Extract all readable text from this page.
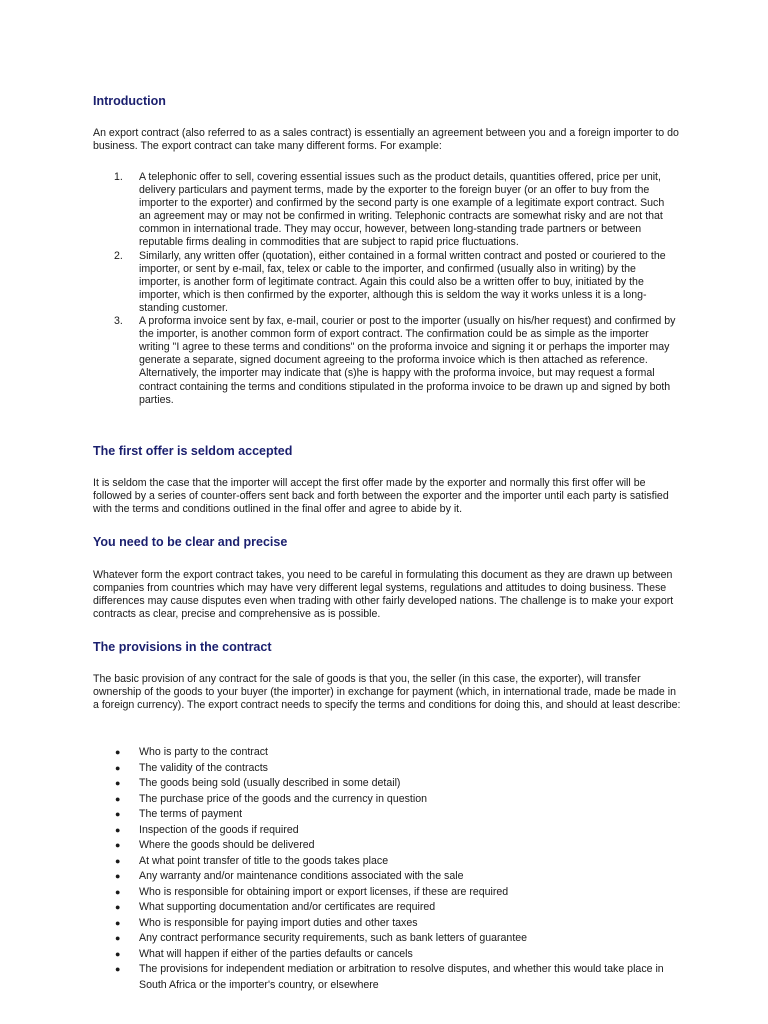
Introduction

An export contract (also referred to as a sales contract) is essentially an agreement between you and a foreign importer to do business. The export contract can take many different forms. For example:

1. A telephonic offer to sell, covering essential issues such as the product details, quantities offered, price per unit, delivery particulars and payment terms, made by the exporter to the foreign buyer (or an offer to buy from the importer to the exporter) and confirmed by the second party is one example of a legitimate export contract. Such an agreement may or may not be confirmed in writing. Telephonic contracts are somewhat risky and are not that common in international trade. They may occur, however, between long-standing trade partners or between reputable firms dealing in commodities that are subject to rapid price fluctuations.
2. Similarly, any written offer (quotation), either contained in a formal written contract and posted or couriered to the importer, or sent by e-mail, fax, telex or cable to the importer, and confirmed (usually also in writing) by the importer, is another form of legitimate contract. Again this could also be a written offer to buy, initiated by the importer, which is then confirmed by the exporter, although this is seldom the way it works unless it is a long-standing customer.
3. A proforma invoice sent by fax, e-mail, courier or post to the importer (usually on his/her request) and confirmed by the importer, is another common form of export contract. The confirmation could be as simple as the importer writing "I agree to these terms and conditions" on the proforma invoice and signing it or perhaps the importer may generate a separate, signed document agreeing to the proforma invoice which is then attached as reference. Alternatively, the importer may indicate that (s)he is happy with the proforma invoice, but may request a formal contract containing the terms and conditions stipulated in the proforma invoice to be drawn up and signed by both parties.
The first offer is seldom accepted

It is seldom the case that the importer will accept the first offer made by the exporter and normally this first offer will be followed by a series of counter-offers sent back and forth between the exporter and the importer until each party is satisfied with the terms and conditions outlined in the final offer and agree to abide by it.

You need to be clear and precise

Whatever form the export contract takes, you need to be careful in formulating this document as they are drawn up between companies from countries which may have very different legal systems, regulations and attitudes to doing business. These differences may cause disputes even when trading with other fairly developed nations. The challenge is to make your export contracts as clear, precise and comprehensive as is possible.

The provisions in the contract

The basic provision of any contract for the sale of goods is that you, the seller (in this case, the exporter), will transfer ownership of the goods to your buyer (the importer) in exchange for payment (which, in international trade, made be made in a foreign currency). The export contract needs to specify the terms and conditions for doing this, and should at least describe:

● Who is party to the contract
● The validity of the contracts
● The goods being sold (usually described in some detail)
● The purchase price of the goods and the currency in question
● The terms of payment
● Inspection of the goods if required
● Where the goods should be delivered
● At what point transfer of title to the goods takes place
● Any warranty and/or maintenance conditions associated with the sale
● Who is responsible for obtaining import or export licenses, if these are required
● What supporting documentation and/or certificates are required
● Who is responsible for paying import duties and other taxes
● Any contract performance security requirements, such as bank letters of guarantee
● What will happen if either of the parties defaults or cancels
● The provisions for independent mediation or arbitration to resolve disputes, and whether this would take place in South Africa or the importer's country, or elsewhere
